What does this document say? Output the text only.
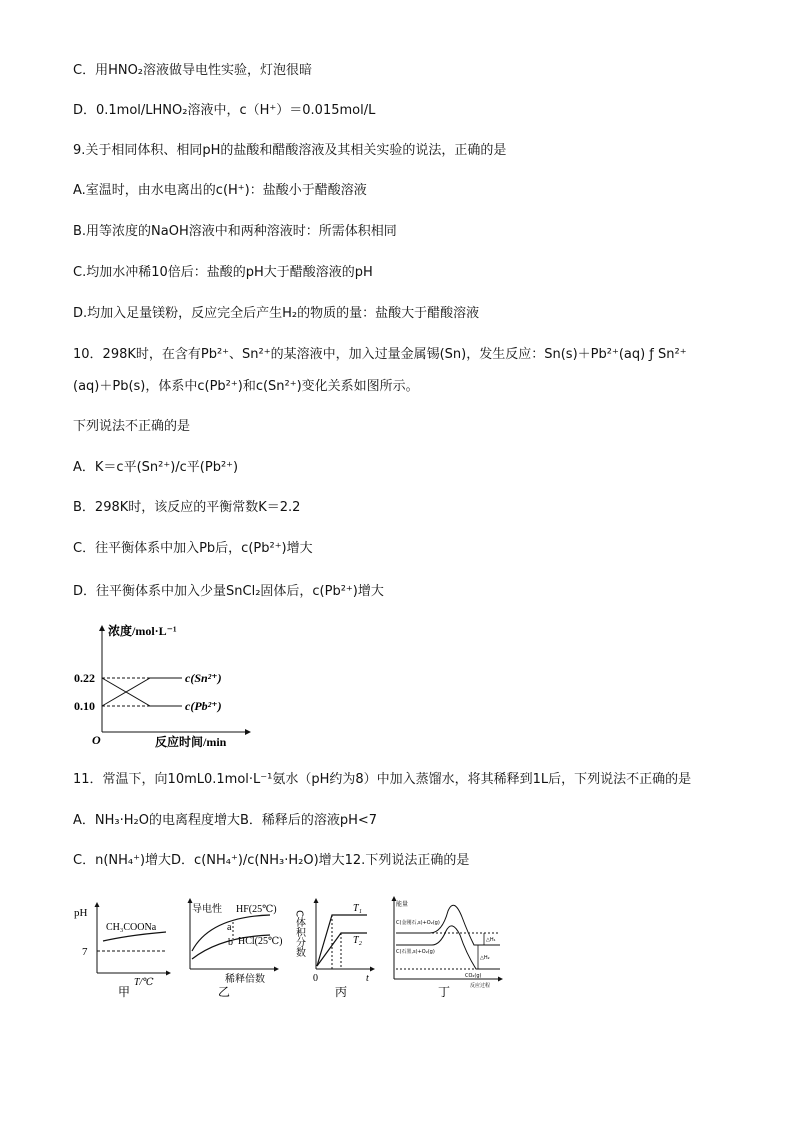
C．用HNO₂溶液做导电性实验，灯泡很暗
D．0.1mol/LHNO₂溶液中，c（H⁺）＝0.015mol/L
9.关于相同体积、相同pH的盐酸和醋酸溶液及其相关实验的说法，正确的是
A.室温时，由水电离出的c(H⁺)：盐酸小于醋酸溶液
B.用等浓度的NaOH溶液中和两种溶液时：所需体积相同
C.均加水冲稀10倍后：盐酸的pH大于醋酸溶液的pH
D.均加入足量镁粉，反应完全后产生H₂的物质的量：盐酸大于醋酸溶液
10．298K时，在含有Pb²⁺、Sn²⁺的某溶液中，加入过量金属锡(Sn)，发生反应：Sn(s)＋Pb²⁺(aq) ƒ Sn²⁺
(aq)＋Pb(s)，体系中c(Pb²⁺)和c(Sn²⁺)变化关系如图所示。
下列说法不正确的是
A．K＝c平(Sn²⁺)/c平(Pb²⁺)
B．298K时，该反应的平衡常数K＝2.2
C．往平衡体系中加入Pb后，c(Pb²⁺)增大
D．往平衡体系中加入少量SnCl₂固体后，c(Pb²⁺)增大
11．常温下，向10mL0.1mol·L⁻¹氨水（pH约为8）中加入蒸馏水，将其稀释到1L后，下列说法不正确的是
A．NH₃·H₂O的电离程度增大B．稀释后的溶液pH<7
C．n(NH₄⁺)增大D．c(NH₄⁺)/c(NH₃·H₂O)增大12.下列说法正确的是
浓度/mol·L⁻¹
反应时间/min
O
0.22
0.10
c(Sn²⁺)
c(Pb²⁺)
pH
7
CH₃COONa
T/℃
甲
导电性 HF(25℃)
HCl(25℃)
a
b
稀释倍数
乙
C体积分数
T₁
T₂
0	t
丙
能量
C(金刚石,s)+O₂(g)
C(石墨,s)+O₂(g)
CO₂(g)
△H₁
△H₂
反应过程
丁
